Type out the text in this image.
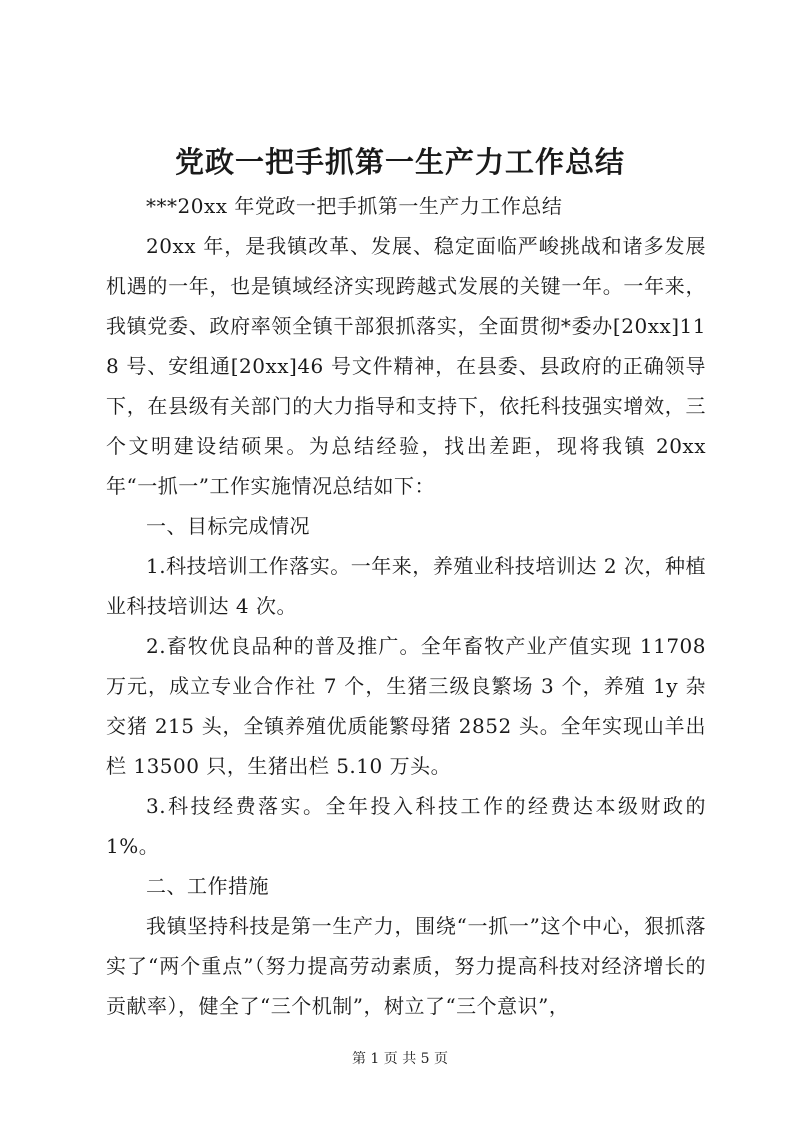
党政一把手抓第一生产力工作总结

***20xx 年党政一把手抓第一生产力工作总结

20xx 年，是我镇改革、发展、稳定面临严峻挑战和诸多发展机遇的一年，也是镇域经济实现跨越式发展的关键一年。一年来，我镇党委、政府率领全镇干部狠抓落实，全面贯彻*委办[20xx]118 号、安组通[20xx]46 号文件精神，在县委、县政府的正确领导下，在县级有关部门的大力指导和支持下，依托科技强实增效，三个文明建设结硕果。为总结经验，找出差距，现将我镇 20xx 年“一抓一”工作实施情况总结如下：

一、目标完成情况

1.科技培训工作落实。一年来，养殖业科技培训达 2 次，种植业科技培训达 4 次。

2.畜牧优良品种的普及推广。全年畜牧产业产值实现 11708 万元，成立专业合作社 7 个，生猪三级良繁场 3 个，养殖 1y 杂交猪 215 头，全镇养殖优质能繁母猪 2852 头。全年实现山羊出栏 13500 只，生猪出栏 5.10 万头。

3.科技经费落实。全年投入科技工作的经费达本级财政的1%。

二、工作措施

我镇坚持科技是第一生产力，围绕“一抓一”这个中心，狠抓落实了“两个重点”（努力提高劳动素质，努力提高科技对经济增长的贡献率），健全了“三个机制”，树立了“三个意识”，

第 1 页 共 5 页
